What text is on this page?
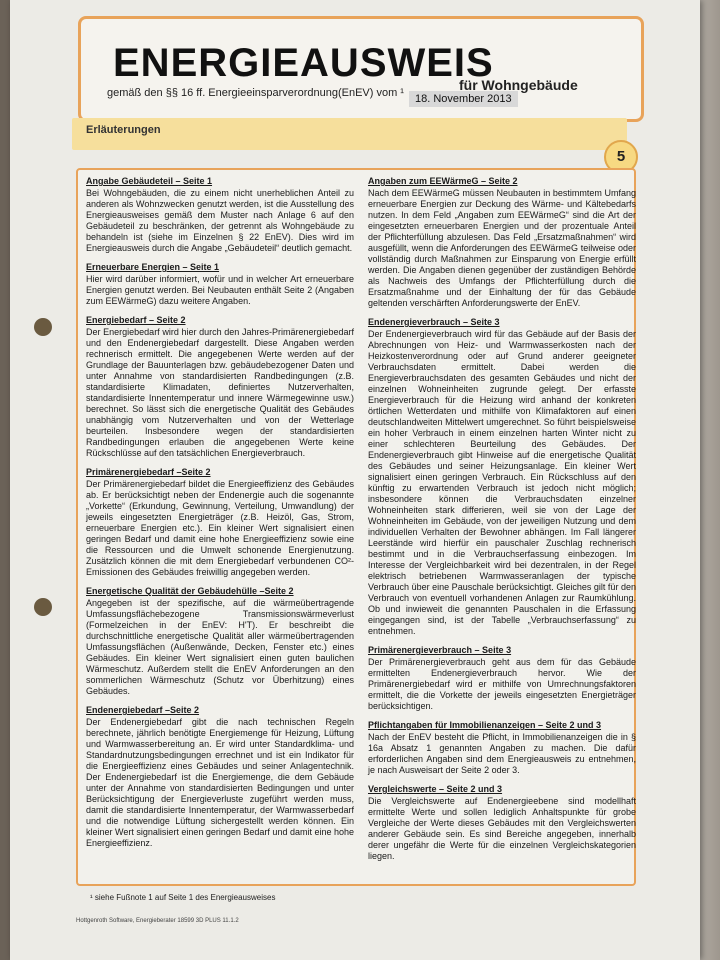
ENERGIEAUSWEIS
gemäß den §§ 16 ff. Energieeinsparverordnung(EnEV) vom ¹	18. November 2013
für Wohngebäude
Erläuterungen
5
Angabe Gebäudeteil – Seite 1
Bei Wohngebäuden, die zu einem nicht unerheblichen Anteil zu anderen als Wohnzwecken genutzt werden, ist die Ausstellung des Energieausweises gemäß dem Muster nach Anlage 6 auf den Gebäudeteil zu beschränken, der getrennt als Wohngebäude zu behandeln ist (siehe im Einzelnen § 22 EnEV). Dies wird im Energieausweis durch die Angabe „Gebäudeteil“ deutlich gemacht.
Erneuerbare Energien – Seite 1
Hier wird darüber informiert, wofür und in welcher Art erneuerbare Energien genutzt werden. Bei Neubauten enthält Seite 2 (Angaben zum EEWärmeG) dazu weitere Angaben.
Energiebedarf – Seite 2
Der Energiebedarf wird hier durch den Jahres-Primärenergiebedarf und den Endenergiebedarf dargestellt. Diese Angaben werden rechnerisch ermittelt. Die angegebenen Werte werden auf der Grundlage der Bauunterlagen bzw. gebäudebezogener Daten und unter Annahme von standardisierten Randbedingungen (z.B. standardisierte Klimadaten, definiertes Nutzerverhalten, standardisierte Innentemperatur und innere Wärmegewinne usw.) berechnet. So lässt sich die energetische Qualität des Gebäudes unabhängig vom Nutzerverhalten und von der Wetterlage beurteilen. Insbesondere wegen der standardisierten Randbedingungen erlauben die angegebenen Werte keine Rückschlüsse auf den tatsächlichen Energieverbrauch.
Primärenergiebedarf –Seite 2
Der Primärenergiebedarf bildet die Energieeffizienz des Gebäudes ab. Er berücksichtigt neben der Endenergie auch die sogenannte „Vorkette“ (Erkundung, Gewinnung, Verteilung, Umwandlung) der jeweils eingesetzten Energieträger (z.B. Heizöl, Gas, Strom, erneuerbare Energien etc.). Ein kleiner Wert signalisiert einen geringen Bedarf und damit eine hohe Energieeffizienz sowie eine die Ressourcen und die Umwelt schonende Energienutzung. Zusätzlich können die mit dem Energiebedarf verbundenen CO²-Emissionen des Gebäudes freiwillig angegeben werden.
Energetische Qualität der Gebäudehülle –Seite 2
Angegeben ist der spezifische, auf die wärmeübertragende Umfassungsflächebezogene Transmissionswärmeverlust (Formelzeichen in der EnEV: H'T). Er beschreibt die durchschnittliche energetische Qualität aller wärmeübertragenden Umfassungsflächen (Außenwände, Decken, Fenster etc.) eines Gebäudes. Ein kleiner Wert signalisiert einen guten baulichen Wärmeschutz. Außerdem stellt die EnEV Anforderungen an den sommerlichen Wärmeschutz (Schutz vor Überhitzung) eines Gebäudes.
Endenergiebedarf –Seite 2
Der Endenergiebedarf gibt die nach technischen Regeln berechnete, jährlich benötigte Energiemenge für Heizung, Lüftung und Warmwasserbereitung an. Er wird unter Standardklima- und Standardnutzungsbedingungen errechnet und ist ein Indikator für die Energieeffizienz eines Gebäudes und seiner Anlagentechnik. Der Endenergiebedarf ist die Energiemenge, die dem Gebäude unter der Annahme von standardisierten Bedingungen und unter Berücksichtigung der Energieverluste zugeführt werden muss, damit die standardisierte Innentemperatur, der Warmwasserbedarf und die notwendige Lüftung sichergestellt werden können. Ein kleiner Wert signalisiert einen geringen Bedarf und damit eine hohe Energieeffizienz.
Angaben zum EEWärmeG – Seite 2
Nach dem EEWärmeG müssen Neubauten in bestimmtem Umfang erneuerbare Energien zur Deckung des Wärme- und Kältebedarfs nutzen. In dem Feld „Angaben zum EEWärmeG“ sind die Art der eingesetzten erneuerbaren Energien und der prozentuale Anteil der Pflichterfüllung abzulesen. Das Feld „Ersatzmaßnahmen“ wird ausgefüllt, wenn die Anforderungen des EEWärmeG teilweise oder vollständig durch Maßnahmen zur Einsparung von Energie erfüllt werden. Die Angaben dienen gegenüber der zuständigen Behörde als Nachweis des Umfangs der Pflichterfüllung durch die Ersatzmaßnahme und der Einhaltung der für das Gebäude geltenden verschärften Anforderungswerte der EnEV.
Endenergieverbrauch – Seite 3
Der Endenergieverbrauch wird für das Gebäude auf der Basis der Abrechnungen von Heiz- und Warmwasserkosten nach der Heizkostenverordnung oder auf Grund anderer geeigneter Verbrauchsdaten ermittelt. Dabei werden die Energieverbrauchsdaten des gesamten Gebäudes und nicht der einzelnen Wohneinheiten zugrunde gelegt. Der erfasste Energieverbrauch für die Heizung wird anhand der konkreten örtlichen Wetterdaten und mithilfe von Klimafaktoren auf einen deutschlandweiten Mittelwert umgerechnet. So führt beispielsweise ein hoher Verbrauch in einem einzelnen harten Winter nicht zu einer schlechteren Beurteilung des Gebäudes. Der Endenergieverbrauch gibt Hinweise auf die energetische Qualität des Gebäudes und seiner Heizungsanlage. Ein kleiner Wert signalisiert einen geringen Verbrauch. Ein Rückschluss auf den künftig zu erwartenden Verbrauch ist jedoch nicht möglich; insbesondere können die Verbrauchsdaten einzelner Wohneinheiten stark differieren, weil sie von der Lage der Wohneinheiten im Gebäude, von der jeweiligen Nutzung und dem individuellen Verhalten der Bewohner abhängen. Im Fall längerer Leerstände wird hierfür ein pauschaler Zuschlag rechnerisch bestimmt und in die Verbrauchserfassung einbezogen. Im Interesse der Vergleichbarkeit wird bei dezentralen, in der Regel elektrisch betriebenen Warmwasseranlagen der typische Verbrauch über eine Pauschale berücksichtigt. Gleiches gilt für den Verbrauch von eventuell vorhandenen Anlagen zur Raumkühlung. Ob und inwieweit die genannten Pauschalen in die Erfassung eingegangen sind, ist der Tabelle „Verbrauchserfassung“ zu entnehmen.
Primärenergieverbrauch – Seite 3
Der Primärenergieverbrauch geht aus dem für das Gebäude ermittelten Endenergieverbrauch hervor. Wie der Primärenergiebedarf wird er mithilfe von Umrechnungsfaktoren ermittelt, die die Vorkette der jeweils eingesetzten Energieträger berücksichtigen.
Pflichtangaben für Immobilienanzeigen – Seite 2 und 3
Nach der EnEV besteht die Pflicht, in Immobilienanzeigen die in § 16a Absatz 1 genannten Angaben zu machen. Die dafür erforderlichen Angaben sind dem Energieausweis zu entnehmen, je nach Ausweisart der Seite 2 oder 3.
Vergleichswerte – Seite 2 und 3
Die Vergleichswerte auf Endenergieebene sind modellhaft ermittelte Werte und sollen lediglich Anhaltspunkte für grobe Vergleiche der Werte dieses Gebäudes mit den Vergleichswerten anderer Gebäude sein. Es sind Bereiche angegeben, innerhalb derer ungefähr die Werte für die einzelnen Vergleichskategorien liegen.
¹ siehe Fußnote 1 auf Seite 1 des Energieausweises
Hottgenroth Software, Energieberater 18599 3D PLUS 11.1.2
